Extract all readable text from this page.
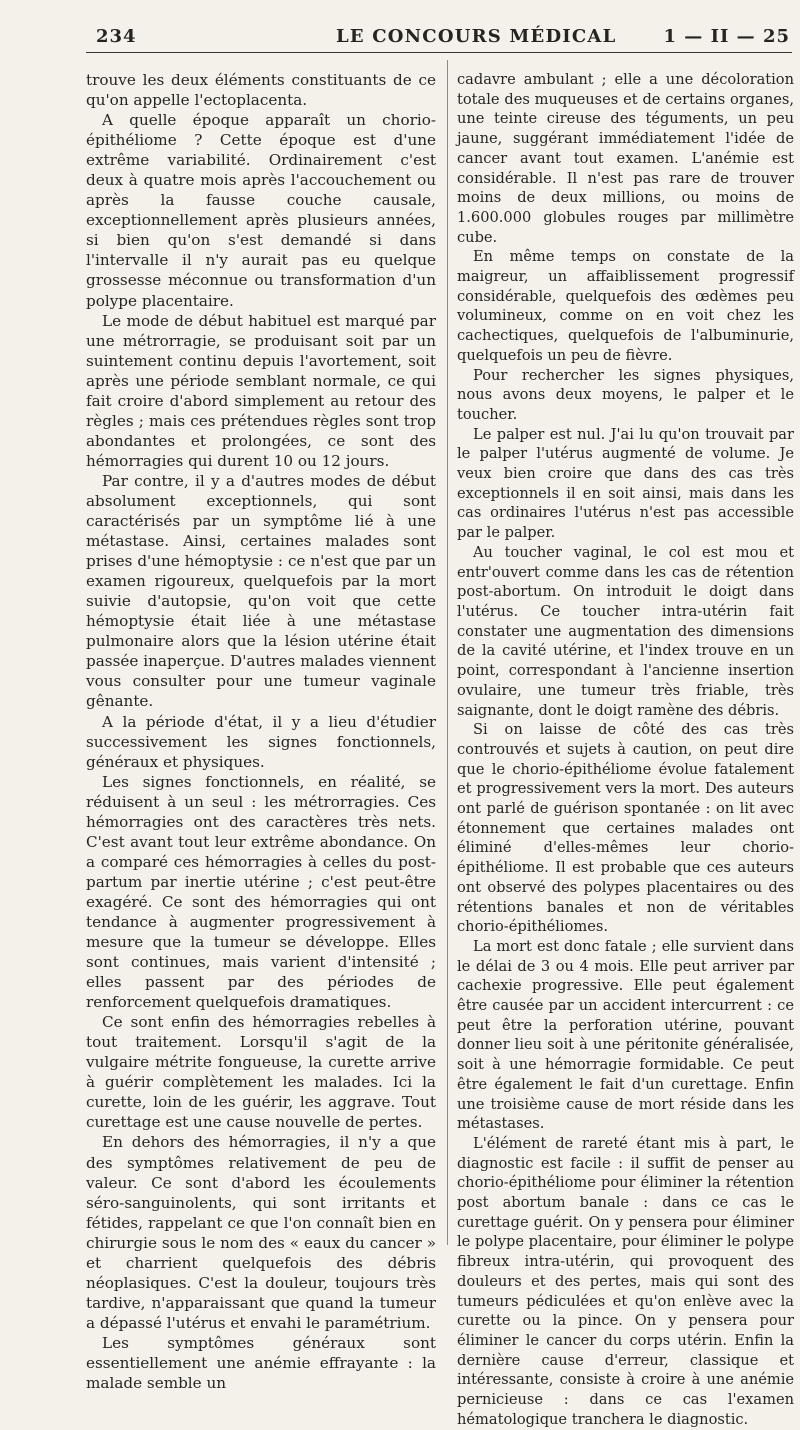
234	LE CONCOURS MÉDICAL	1 — II — 25

trouve les deux éléments constituants de ce qu'on appelle l'ectoplacenta.

A quelle époque apparaît un chorio-épithéliome ? Cette époque est d'une extrême variabilité. Ordinairement c'est deux à quatre mois après l'accouchement ou après la fausse couche causale, exceptionnellement après plusieurs années, si bien qu'on s'est demandé si dans l'intervalle il n'y aurait pas eu quelque grossesse méconnue ou transformation d'un polype placentaire.

Le mode de début habituel est marqué par une métrorragie, se produisant soit par un suintement continu depuis l'avortement, soit après une période semblant normale, ce qui fait croire d'abord simplement au retour des règles ; mais ces prétendues règles sont trop abondantes et prolongées, ce sont des hémorragies qui durent 10 ou 12 jours.

Par contre, il y a d'autres modes de début absolument exceptionnels, qui sont caractérisés par un symptôme lié à une métastase. Ainsi, certaines malades sont prises d'une hémoptysie : ce n'est que par un examen rigoureux, quelquefois par la mort suivie d'autopsie, qu'on voit que cette hémoptysie était liée à une métastase pulmonaire alors que la lésion utérine était passée inaperçue. D'autres malades viennent vous consulter pour une tumeur vaginale gênante.

A la période d'état, il y a lieu d'étudier successivement les signes fonctionnels, généraux et physiques.

Les signes fonctionnels, en réalité, se réduisent à un seul : les métrorragies. Ces hémorragies ont des caractères très nets. C'est avant tout leur extrême abondance. On a comparé ces hémorragies à celles du post-partum par inertie utérine ; c'est peut-être exagéré. Ce sont des hémorragies qui ont tendance à augmenter progressivement à mesure que la tumeur se développe. Elles sont continues, mais varient d'intensité ; elles passent par des périodes de renforcement quelquefois dramatiques.

Ce sont enfin des hémorragies rebelles à tout traitement. Lorsqu'il s'agit de la vulgaire métrite fongueuse, la curette arrive à guérir complètement les malades. Ici la curette, loin de les guérir, les aggrave. Tout curettage est une cause nouvelle de pertes.

En dehors des hémorragies, il n'y a que des symptômes relativement de peu de valeur. Ce sont d'abord les écoulements séro-sanguinolents, qui sont irritants et fétides, rappelant ce que l'on connaît bien en chirurgie sous le nom des « eaux du cancer » et charrient quelquefois des débris néoplasiques. C'est la douleur, toujours très tardive, n'apparaissant que quand la tumeur a dépassé l'utérus et envahi le paramétrium.

Les symptômes généraux sont essentiellement une anémie effrayante : la malade semble un

cadavre ambulant ; elle a une décoloration totale des muqueuses et de certains organes, une teinte cireuse des téguments, un peu jaune, suggérant immédiatement l'idée de cancer avant tout examen. L'anémie est considérable. Il n'est pas rare de trouver moins de deux millions, ou moins de 1.600.000 globules rouges par millimètre cube.

En même temps on constate de la maigreur, un affaiblissement progressif considérable, quelquefois des œdèmes peu volumineux, comme on en voit chez les cachectiques, quelquefois de l'albuminurie, quelquefois un peu de fièvre.

Pour rechercher les signes physiques, nous avons deux moyens, le palper et le toucher.

Le palper est nul. J'ai lu qu'on trouvait par le palper l'utérus augmenté de volume. Je veux bien croire que dans des cas très exceptionnels il en soit ainsi, mais dans les cas ordinaires l'utérus n'est pas accessible par le palper.

Au toucher vaginal, le col est mou et entr'ouvert comme dans les cas de rétention post-abortum. On introduit le doigt dans l'utérus. Ce toucher intra-utérin fait constater une augmentation des dimensions de la cavité utérine, et l'index trouve en un point, correspondant à l'ancienne insertion ovulaire, une tumeur très friable, très saignante, dont le doigt ramène des débris.

Si on laisse de côté des cas très controuvés et sujets à caution, on peut dire que le chorio-épithéliome évolue fatalement et progressivement vers la mort. Des auteurs ont parlé de guérison spontanée : on lit avec étonnement que certaines malades ont éliminé d'elles-mêmes leur chorio-épithéliome. Il est probable que ces auteurs ont observé des polypes placentaires ou des rétentions banales et non de véritables chorio-épithéliomes.

La mort est donc fatale ; elle survient dans le délai de 3 ou 4 mois. Elle peut arriver par cachexie progressive. Elle peut également être causée par un accident intercurrent : ce peut être la perforation utérine, pouvant donner lieu soit à une péritonite généralisée, soit à une hémorragie formidable. Ce peut être également le fait d'un curettage. Enfin une troisième cause de mort réside dans les métastases.

L'élément de rareté étant mis à part, le diagnostic est facile : il suffit de penser au chorio-épithéliome pour éliminer la rétention post abortum banale : dans ce cas le curettage guérit. On y pensera pour éliminer le polype placentaire, pour éliminer le polype fibreux intra-utérin, qui provoquent des douleurs et des pertes, mais qui sont des tumeurs pédiculées et qu'on enlève avec la curette ou la pince. On y pensera pour éliminer le cancer du corps utérin. Enfin la dernière cause d'erreur, classique et intéressante, consiste à croire à une anémie pernicieuse : dans ce cas l'examen hématologique tranchera le diagnostic.
